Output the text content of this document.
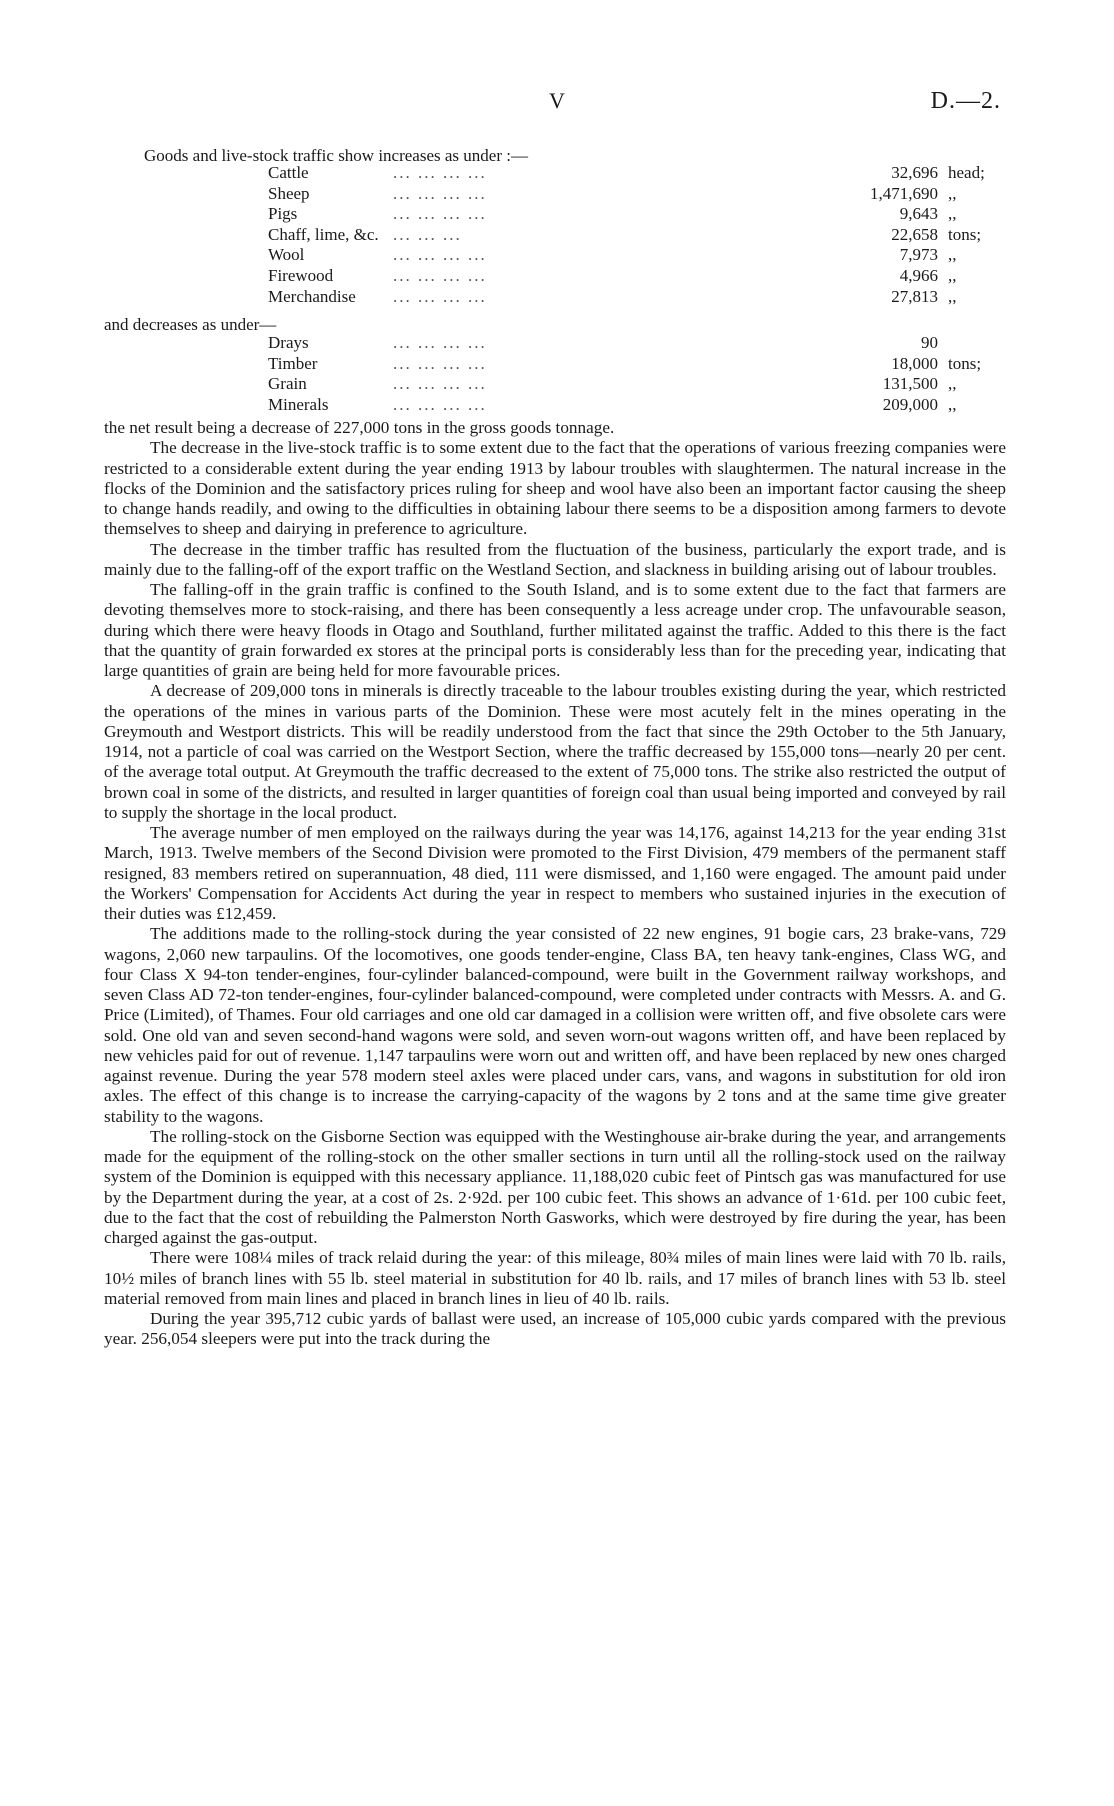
V	D.—2.
Goods and live-stock traffic show increases as under :—
Cattle	... ... ... ...	32,696 head;
Sheep	... ... ... ...	1,471,690 ,,
Pigs	... ... ... ...	9,643 ,,
Chaff, lime, &c. ... ... ...	22,658 tons;
Wool	... ... ... ...	7,973 ,,
Firewood	... ... ... ...	4,966 ,,
Merchandise ... ... ... ...	27,813 ,,
and decreases as under—
Drays	... ... ... ...	90
Timber	... ... ... ...	18,000 tons;
Grain	... ... ... ...	131,500 ,,
Minerals	... ... ... ...	209,000 ,,

the net result being a decrease of 227,000 tons in the gross goods tonnage.

The decrease in the live-stock traffic is to some extent due to the fact that the operations of various freezing companies were restricted to a considerable extent during the year ending 1913 by labour troubles with slaughtermen. The natural increase in the flocks of the Dominion and the satisfactory prices ruling for sheep and wool have also been an important factor causing the sheep to change hands readily, and owing to the difficulties in obtaining labour there seems to be a disposition among farmers to devote themselves to sheep and dairying in preference to agriculture.

The decrease in the timber traffic has resulted from the fluctuation of the business, particularly the export trade, and is mainly due to the falling-off of the export traffic on the Westland Section, and slackness in building arising out of labour troubles.

The falling-off in the grain traffic is confined to the South Island, and is to some extent due to the fact that farmers are devoting themselves more to stock-raising, and there has been consequently a less acreage under crop. The unfavourable season, during which there were heavy floods in Otago and Southland, further militated against the traffic. Added to this there is the fact that the quantity of grain forwarded ex stores at the principal ports is considerably less than for the preceding year, indicating that large quantities of grain are being held for more favourable prices.

A decrease of 209,000 tons in minerals is directly traceable to the labour troubles existing during the year, which restricted the operations of the mines in various parts of the Dominion. These were most acutely felt in the mines operating in the Greymouth and Westport districts. This will be readily understood from the fact that since the 29th October to the 5th January, 1914, not a particle of coal was carried on the Westport Section, where the traffic decreased by 155,000 tons—nearly 20 per cent. of the average total output. At Greymouth the traffic decreased to the extent of 75,000 tons. The strike also restricted the output of brown coal in some of the districts, and resulted in larger quantities of foreign coal than usual being imported and conveyed by rail to supply the shortage in the local product.

The average number of men employed on the railways during the year was 14,176, against 14,213 for the year ending 31st March, 1913. Twelve members of the Second Division were promoted to the First Division, 479 members of the permanent staff resigned, 83 members retired on superannuation, 48 died, 111 were dismissed, and 1,160 were engaged. The amount paid under the Workers' Compensation for Accidents Act during the year in respect to members who sustained injuries in the execution of their duties was £12,459.

The additions made to the rolling-stock during the year consisted of 22 new engines, 91 bogie cars, 23 brake-vans, 729 wagons, 2,060 new tarpaulins. Of the locomotives, one goods tender-engine, Class BA, ten heavy tank-engines, Class WG, and four Class X 94-ton tender-engines, four-cylinder balanced-compound, were built in the Government railway workshops, and seven Class AD 72-ton tender-engines, four-cylinder balanced-compound, were completed under contracts with Messrs. A. and G. Price (Limited), of Thames. Four old carriages and one old car damaged in a collision were written off, and five obsolete cars were sold. One old van and seven second-hand wagons were sold, and seven worn-out wagons written off, and have been replaced by new vehicles paid for out of revenue. 1,147 tarpaulins were worn out and written off, and have been replaced by new ones charged against revenue. During the year 578 modern steel axles were placed under cars, vans, and wagons in substitution for old iron axles. The effect of this change is to increase the carrying-capacity of the wagons by 2 tons and at the same time give greater stability to the wagons.

The rolling-stock on the Gisborne Section was equipped with the Westinghouse air-brake during the year, and arrangements made for the equipment of the rolling-stock on the other smaller sections in turn until all the rolling-stock used on the railway system of the Dominion is equipped with this necessary appliance. 11,188,020 cubic feet of Pintsch gas was manufactured for use by the Department during the year, at a cost of 2s. 2·92d. per 100 cubic feet. This shows an advance of 1·61d. per 100 cubic feet, due to the fact that the cost of rebuilding the Palmerston North Gasworks, which were destroyed by fire during the year, has been charged against the gas-output.

There were 108¼ miles of track relaid during the year: of this mileage, 80¾ miles of main lines were laid with 70 lb. rails, 10½ miles of branch lines with 55 lb. steel material in substitution for 40 lb. rails, and 17 miles of branch lines with 53 lb. steel material removed from main lines and placed in branch lines in lieu of 40 lb. rails.

During the year 395,712 cubic yards of ballast were used, an increase of 105,000 cubic yards compared with the previous year. 256,054 sleepers were put into the track during the
